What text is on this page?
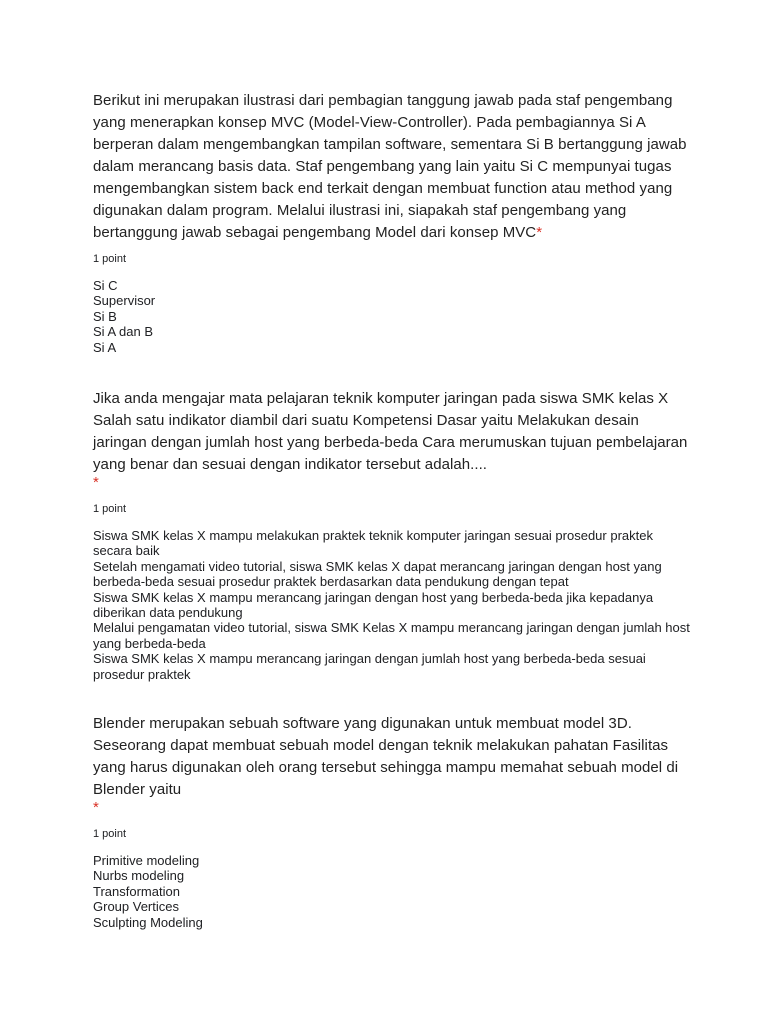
Berikut ini merupakan ilustrasi dari pembagian tanggung jawab pada staf pengembang yang menerapkan konsep MVC (Model-View-Controller). Pada pembagiannya Si A berperan dalam mengembangkan tampilan software, sementara Si B bertanggung jawab dalam merancang basis data. Staf pengembang yang lain yaitu Si C mempunyai tugas mengembangkan sistem back end terkait dengan membuat function atau method yang digunakan dalam program. Melalui ilustrasi ini, siapakah staf pengembang yang bertanggung jawab sebagai pengembang Model dari konsep MVC*

1 point

Si C
Supervisor
Si B
Si A dan B
Si A

Jika anda mengajar mata pelajaran teknik komputer jaringan pada siswa SMK kelas X Salah satu indikator diambil dari suatu Kompetensi Dasar yaitu Melakukan desain jaringan dengan jumlah host yang berbeda-beda Cara merumuskan tujuan pembelajaran yang benar dan sesuai dengan indikator tersebut adalah....

*

1 point

Siswa SMK kelas X mampu melakukan praktek teknik komputer jaringan sesuai prosedur praktek secara baik
Setelah mengamati video tutorial, siswa SMK kelas X dapat merancang jaringan dengan host yang berbeda-beda sesuai prosedur praktek berdasarkan data pendukung dengan tepat
Siswa SMK kelas X mampu merancang jaringan dengan host yang berbeda-beda jika kepadanya diberikan data pendukung
Melalui pengamatan video tutorial, siswa SMK Kelas X mampu merancang jaringan dengan jumlah host yang berbeda-beda
Siswa SMK kelas X mampu merancang jaringan dengan jumlah host yang berbeda-beda sesuai prosedur praktek

Blender merupakan sebuah software yang digunakan untuk membuat model 3D. Seseorang dapat membuat sebuah model dengan teknik melakukan pahatan Fasilitas yang harus digunakan oleh orang tersebut sehingga mampu memahat sebuah model di Blender yaitu

*

1 point

Primitive modeling
Nurbs modeling
Transformation
Group Vertices
Sculpting Modeling
